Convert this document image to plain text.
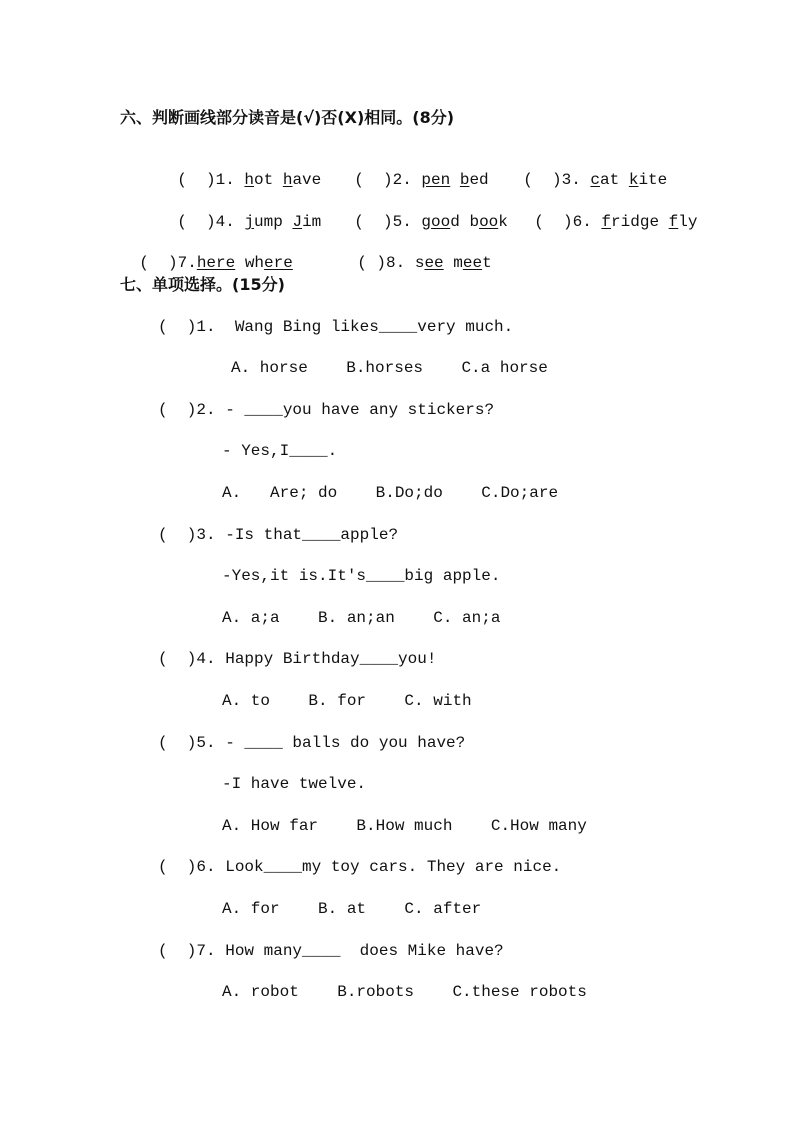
六、判断画线部分读音是(√)否(X)相同。(8分)

(  )1. hot have	(  )2. pen bed	(  )3. cat kite

(  )4. jump Jim	(  )5. good book	(  )6. fridge fly

(  )7.here where	( )8. see meet

七、单项选择。(15分)
(  )1.  Wang Bing likes____very much.
A. horse    B.horses    C.a horse
(  )2. - ____you have any stickers?
- Yes,I____.
A.   Are; do    B.Do;do    C.Do;are
(  )3. -Is that____apple?
-Yes,it is.It's____big apple.
A. a;a    B. an;an    C. an;a
(  )4. Happy Birthday____you!
A. to    B. for    C. with
(  )5. - ____ balls do you have?
-I have twelve.
A. How far    B.How much    C.How many
(  )6. Look____my toy cars. They are nice.
A. for    B. at    C. after
(  )7. How many____  does Mike have?
A. robot    B.robots    C.these robots
